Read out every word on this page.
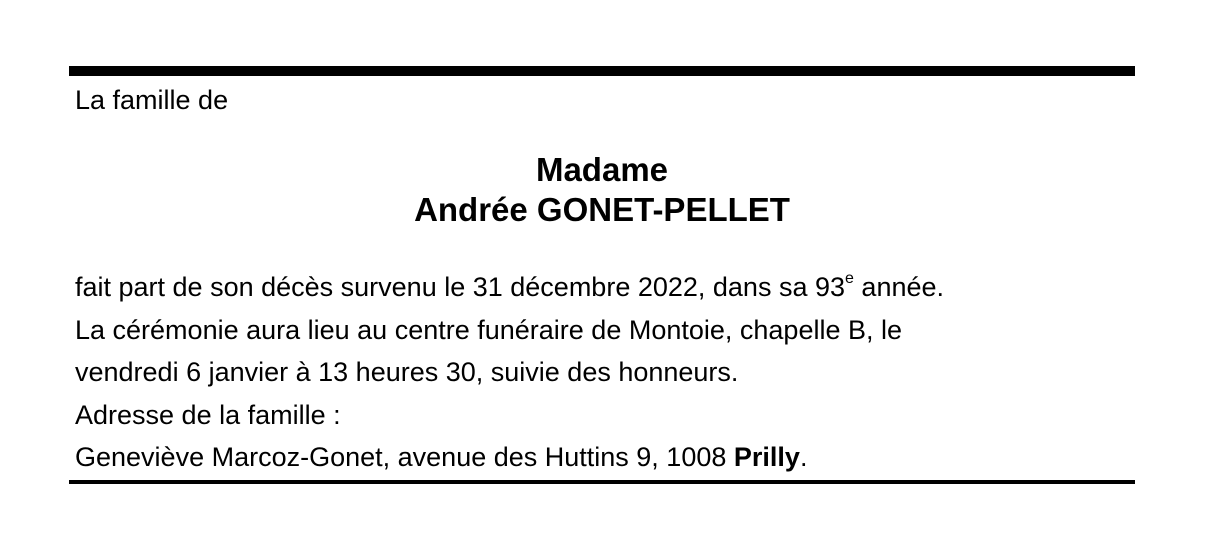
La famille de
Madame
Andrée GONET-PELLET
fait part de son décès survenu le 31 décembre 2022, dans sa 93e année.
La cérémonie aura lieu au centre funéraire de Montoie, chapelle B, le
vendredi 6 janvier à 13 heures 30, suivie des honneurs.
Adresse de la famille :
Geneviève Marcoz-Gonet, avenue des Huttins 9, 1008 Prilly.
